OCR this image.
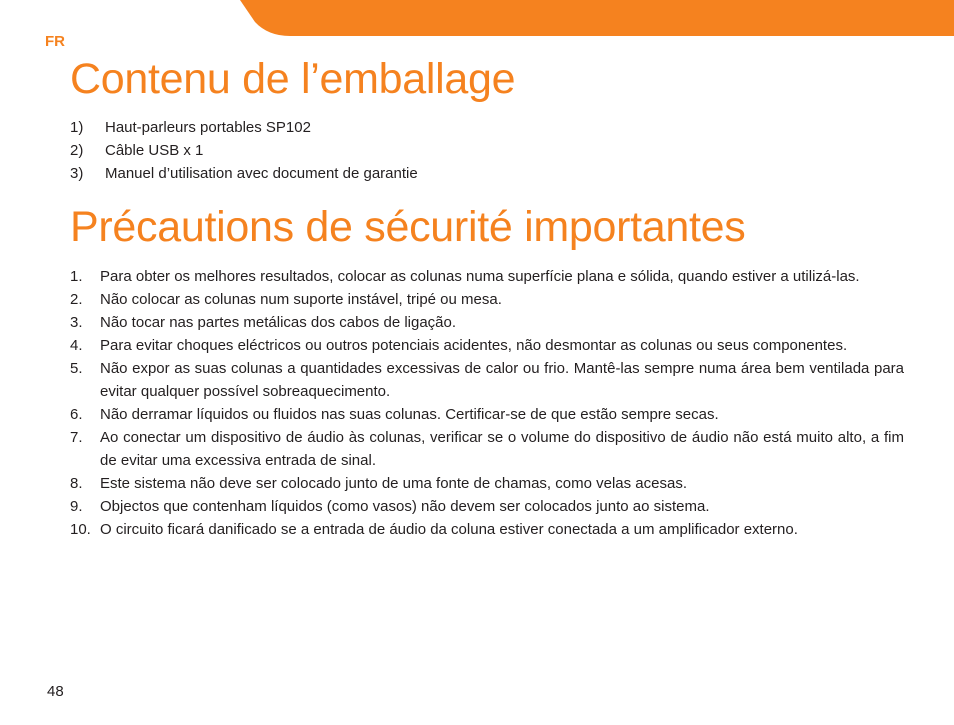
FR
Contenu de l’emballage
1)	Haut-parleurs portables SP102
2)	Câble USB x 1
3)	Manuel d’utilisation avec document de garantie
Précautions de sécurité importantes
1.	Para obter os melhores resultados, colocar as colunas numa superfície plana e sólida, quando estiver a utilizá-las.
2.	Não colocar as colunas num suporte instável, tripé ou mesa.
3.	Não tocar nas partes metálicas dos cabos de ligação.
4.	Para evitar choques eléctricos ou outros potenciais acidentes, não desmontar as colunas ou seus componentes.
5.	Não expor as suas colunas a quantidades excessivas de calor ou frio. Mantê-las sempre numa área bem ventilada para evitar qualquer possível sobreaquecimento.
6.	Não derramar líquidos ou fluidos nas suas colunas. Certificar-se de que estão sempre secas.
7.	Ao conectar um dispositivo de áudio às colunas, verificar se o volume do dispositivo de áudio não está muito alto, a fim de evitar uma excessiva entrada de sinal.
8.	Este sistema não deve ser colocado junto de uma fonte de chamas, como velas acesas.
9.	Objectos que contenham líquidos (como vasos) não devem ser colocados junto ao sistema.
10. O circuito ficará danificado se a entrada de áudio da coluna estiver conectada a um amplificador externo.
48
